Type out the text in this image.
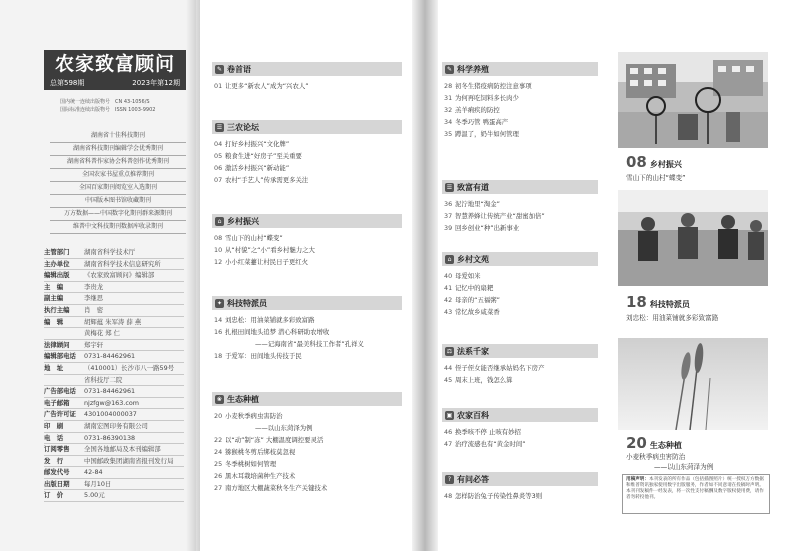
农家致富顾问
总第598期	2023年第12期
国内统一连续出版物号　 CN 43-1056/S
国际标准连续出版物号　 ISSN 1003-9902
湖南省十佳科技期刊
湖南省科技期刊编辑学会优秀期刊
湖南省科普作家协会科普创作优秀期刊
全国农家书屋重点推荐期刊
全国百家期刊阅览室入选期刊
中国版本图书馆收藏期刊
万方数据——中国数字化期刊群来源期刊
维普中文科技期刊数据库收录期刊
主管部门	湖南省科学技术厅
主办单位	湖南省科学技术信息研究所
编辑出版	《农家致富顾问》编辑部
主　编	李贵龙
副主编	李继思
执行主编	肖　密
编　辑	胡辉蕴 朱军涛 薛 燕
黄梅花 郑 仁
法律顾问	郑宇轩
编辑部电话	0731-84462961
地　址	（410001）长沙市八一路59号
省科技厅二院
广告部电话	0731-84462961
电子邮箱	njzfgw@163.com
广告许可证	4301004000037
印　刷	湖南宏图印务有限公司
电　话	0731-86390138
订阅零售	全国各地邮局及本刊编辑部
发　行	中国邮政集团湖南省报刊发行局
邮发代号	42-84
出版日期	每月10日
订　价	5.00元
✎ 卷首语
01 让更多“新农人”成为“兴农人”
☰ 三农论坛
04 打好乡村振兴“文化牌”
05 粮食生进“好房子”至关重要
06 激活乡村振兴“新动能”
07 农村“手艺人”传承需更多关注
⌂ 乡村振兴
08 雪山下的山村“蝶变”
10 从“村貌”之“小”看乡村魅力之大
12 小小红菜薹让村民日子更红火
✦ 科技特派员
14 刘忠松：用油菜铺就多彩致富路
16 扎根田间地头追梦 潜心科研助农增收
——记海南省“最美科技工作者”孔祥义
18 于爱军：田间地头传技于民
❀ 生态种植
20 小麦秋季病虫害防治
——以山东菏泽为例
22 以“动”制“冻” 大棚温度调控要灵活
24 猕猴桃冬剪后绑枝莫忽视
25 冬季桃树如何管理
26 黑木耳栽培菌种生产技术
27 南方地区大棚蔬菜秋冬生产关键技术
✎ 科学养殖
28 初冬生猪疫病防控注意事项
31 为何再吃饲料多长肉少
32 羔羊痢疾的防控
34 冬季巧管 鸭蛋高产
35 蹲温了，奶牛如何管理
☰ 致富有道
36 泥泞地里“淘金”
37 智慧养蜂让传统产业“甜蜜加倍”
39 回乡创业“种”出新事业
⌂ 乡村文苑
40 母爱如米
41 记忆中的扇耙
42 母亲的“五福粥”
43 常忆故乡咸菜香
⚖ 法系千家
44 侄子侄女能否继承姑妈名下房产
45 周末上班，钱怎么算
▣ 农家百科
46 换季咳不停 止咳有妙招
47 治疗流感也有“黄金时间”
? 有问必答
48 怎样防治兔子传染性鼻炎等3则
08 乡村振兴
雪山下的山村“蝶变”
18 科技特派员
刘忠松：用油菜铺就多彩致富路
20 生态种植
小麦秋季病虫害防治
——以山东菏泽为例
用稿声明：本刊发表的所有作品（包括插图照片）统一授权万方数据和维普资讯独家使用数字出版服务，作者如不同意请在投稿时声明。本刊刊发稿件一经发表，将一次性支付稿酬及数字版权使用费，请作者勿转投他刊。
